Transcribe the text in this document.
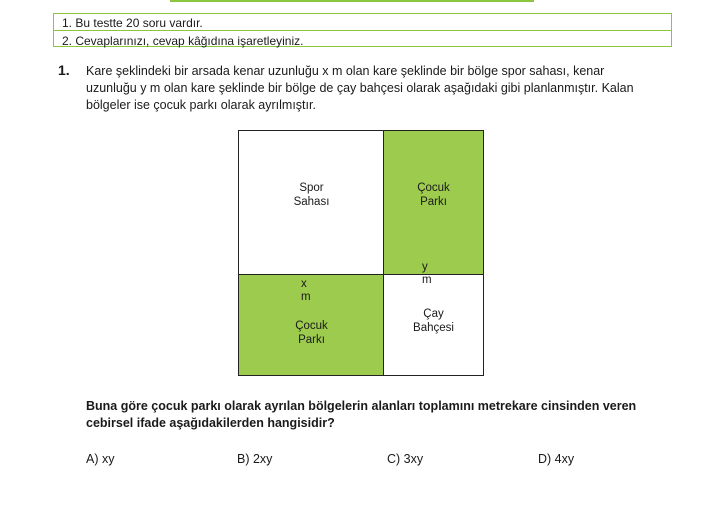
1. Bu testte 20 soru vardır.
2. Cevaplarınızı, cevap kâğıdına işaretleyiniz.
1. Kare şeklindeki bir arsada kenar uzunluğu x m olan kare şeklinde bir bölge spor sahası, kenar
uzunluğu y m olan kare şeklinde bir bölge de çay bahçesi olarak aşağıdaki gibi planlanmıştır. Kalan
bölgeler ise çocuk parkı olarak ayrılmıştır.
Spor
Sahası
Çocuk
Parkı
Çocuk
Parkı
Çay
Bahçesi
x m
y m
Buna göre çocuk parkı olarak ayrılan bölgelerin alanları toplamını metrekare cinsinden veren
cebirsel ifade aşağıdakilerden hangisidir?
A) xy	B) 2xy	C) 3xy	D) 4xy
